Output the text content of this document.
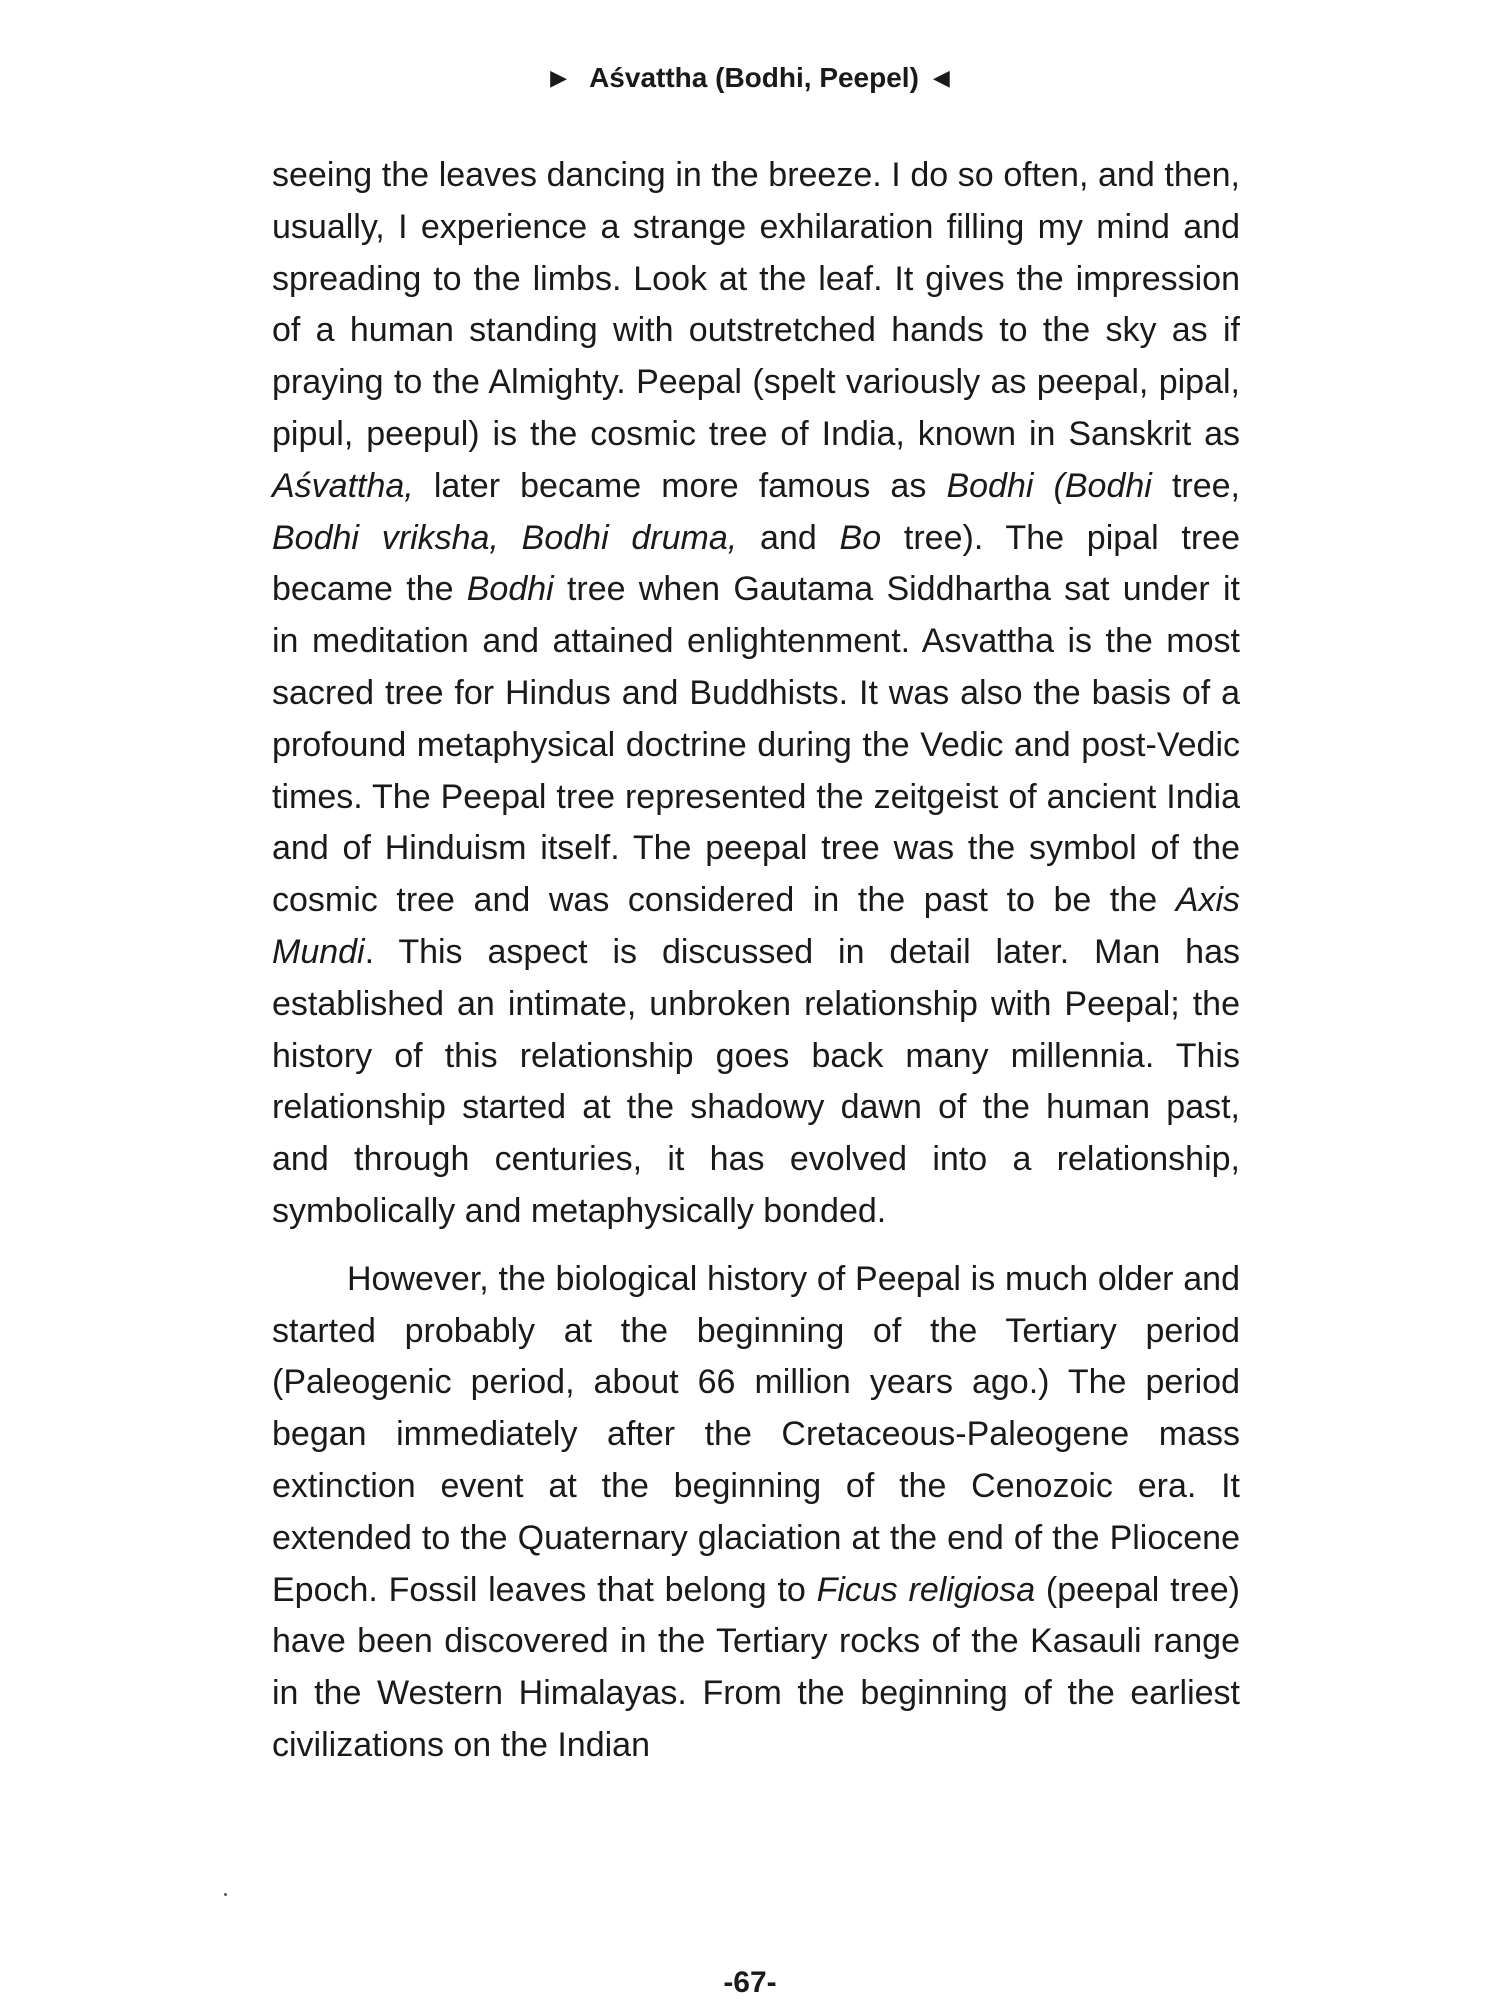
▶ Aśvattha (Bodhi, Peepel) ◀

seeing the leaves dancing in the breeze. I do so often, and then, usually, I experience a strange exhilaration filling my mind and spreading to the limbs. Look at the leaf. It gives the impression of a human standing with outstretched hands to the sky as if praying to the Almighty. Peepal (spelt variously as peepal, pipal, pipul, peepul) is the cosmic tree of India, known in Sanskrit as Aśvattha, later became more famous as Bodhi (Bodhi tree, Bodhi vriksha, Bodhi druma, and Bo tree). The pipal tree became the Bodhi tree when Gautama Siddhartha sat under it in meditation and attained enlightenment. Asvattha is the most sacred tree for Hindus and Buddhists. It was also the basis of a profound metaphysical doctrine during the Vedic and post-Vedic times. The Peepal tree represented the zeitgeist of ancient India and of Hinduism itself. The peepal tree was the symbol of the cosmic tree and was considered in the past to be the Axis Mundi. This aspect is discussed in detail later. Man has established an intimate, unbroken relationship with Peepal; the history of this relationship goes back many millennia. This relationship started at the shadowy dawn of the human past, and through centuries, it has evolved into a relationship, symbolically and metaphysically bonded.

However, the biological history of Peepal is much older and started probably at the beginning of the Tertiary period (Paleogenic period, about 66 million years ago.) The period began immediately after the Cretaceous-Paleogene mass extinction event at the beginning of the Cenozoic era. It extended to the Quaternary glaciation at the end of the Pliocene Epoch. Fossil leaves that belong to Ficus religiosa (peepal tree) have been discovered in the Tertiary rocks of the Kasauli range in the Western Himalayas. From the beginning of the earliest civilizations on the Indian

-67-
